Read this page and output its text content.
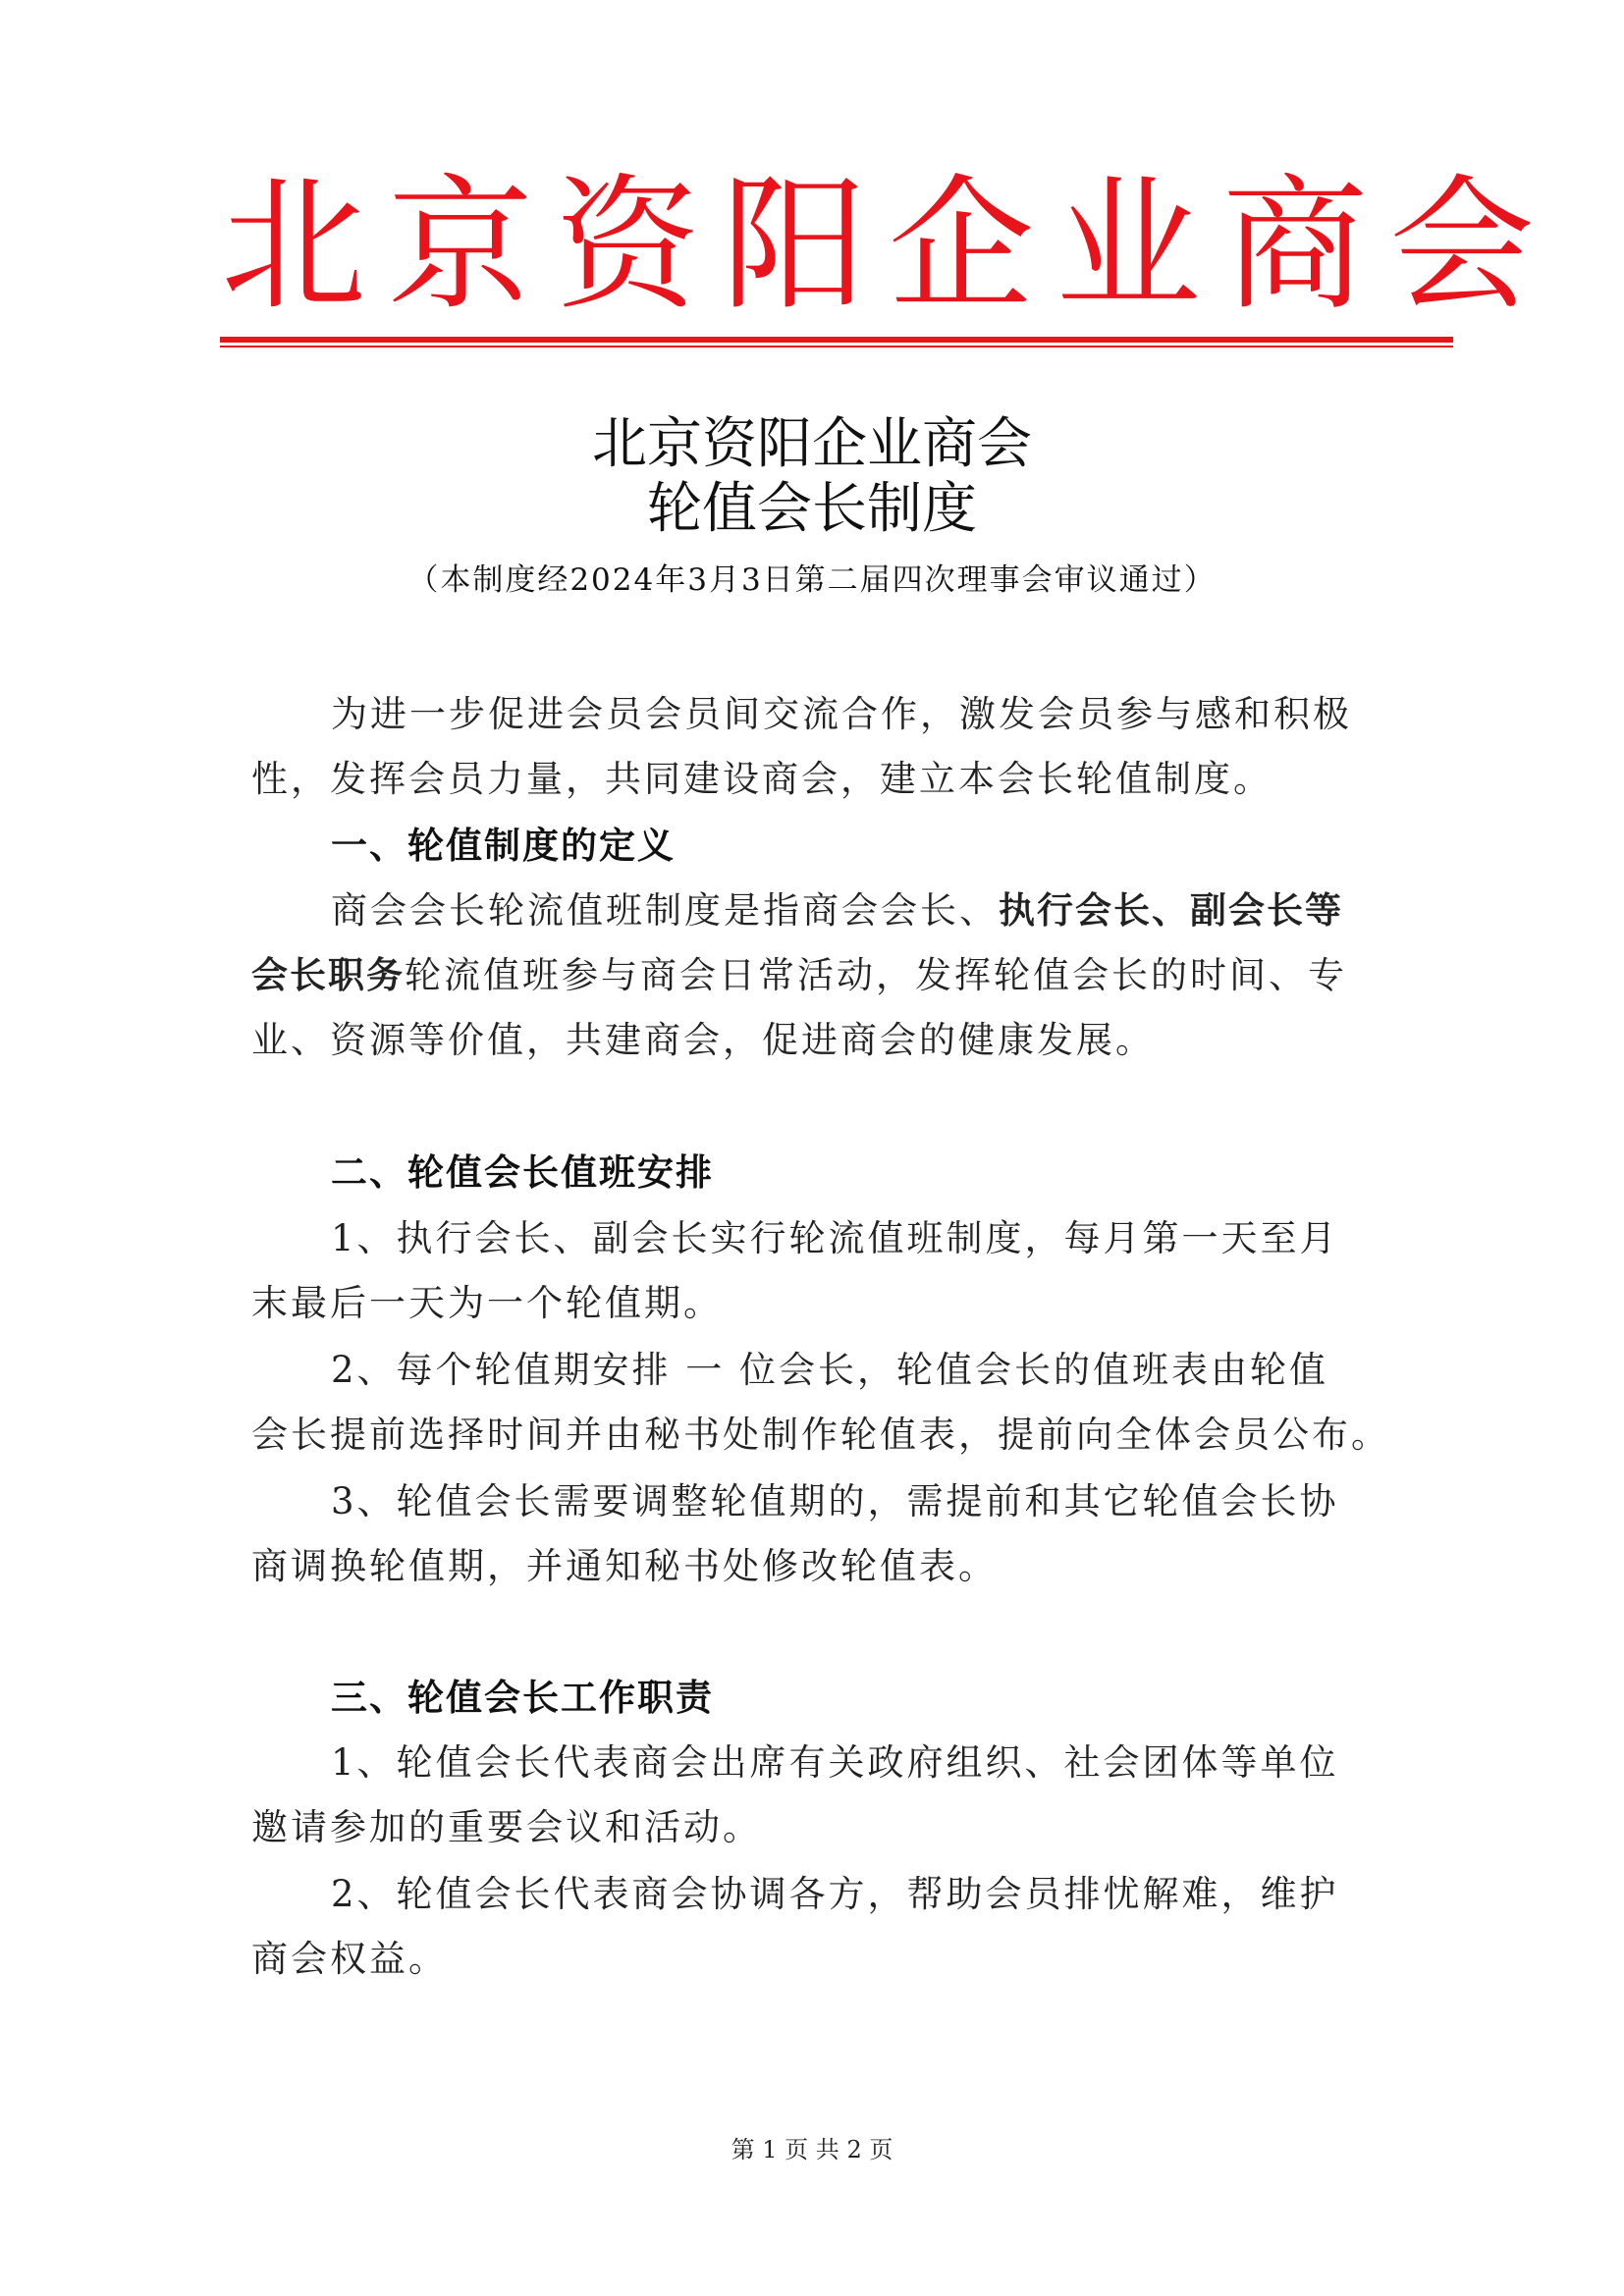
北京资阳企业商会
北京资阳企业商会
轮值会长制度
（本制度经2024年3月3日第二届四次理事会审议通过）
为进一步促进会员会员间交流合作，激发会员参与感和积极
性，发挥会员力量，共同建设商会，建立本会长轮值制度。
一、轮值制度的定义
商会会长轮流值班制度是指商会会长、执行会长、副会长等
会长职务轮流值班参与商会日常活动，发挥轮值会长的时间、专
业、资源等价值，共建商会，促进商会的健康发展。
二、轮值会长值班安排
1、执行会长、副会长实行轮流值班制度，每月第一天至月
末最后一天为一个轮值期。
2、每个轮值期安排 一 位会长，轮值会长的值班表由轮值
会长提前选择时间并由秘书处制作轮值表，提前向全体会员公布。
3、轮值会长需要调整轮值期的，需提前和其它轮值会长协
商调换轮值期，并通知秘书处修改轮值表。
三、轮值会长工作职责
1、轮值会长代表商会出席有关政府组织、社会团体等单位
邀请参加的重要会议和活动。
2、轮值会长代表商会协调各方，帮助会员排忧解难，维护
商会权益。
第 1 页 共 2 页
